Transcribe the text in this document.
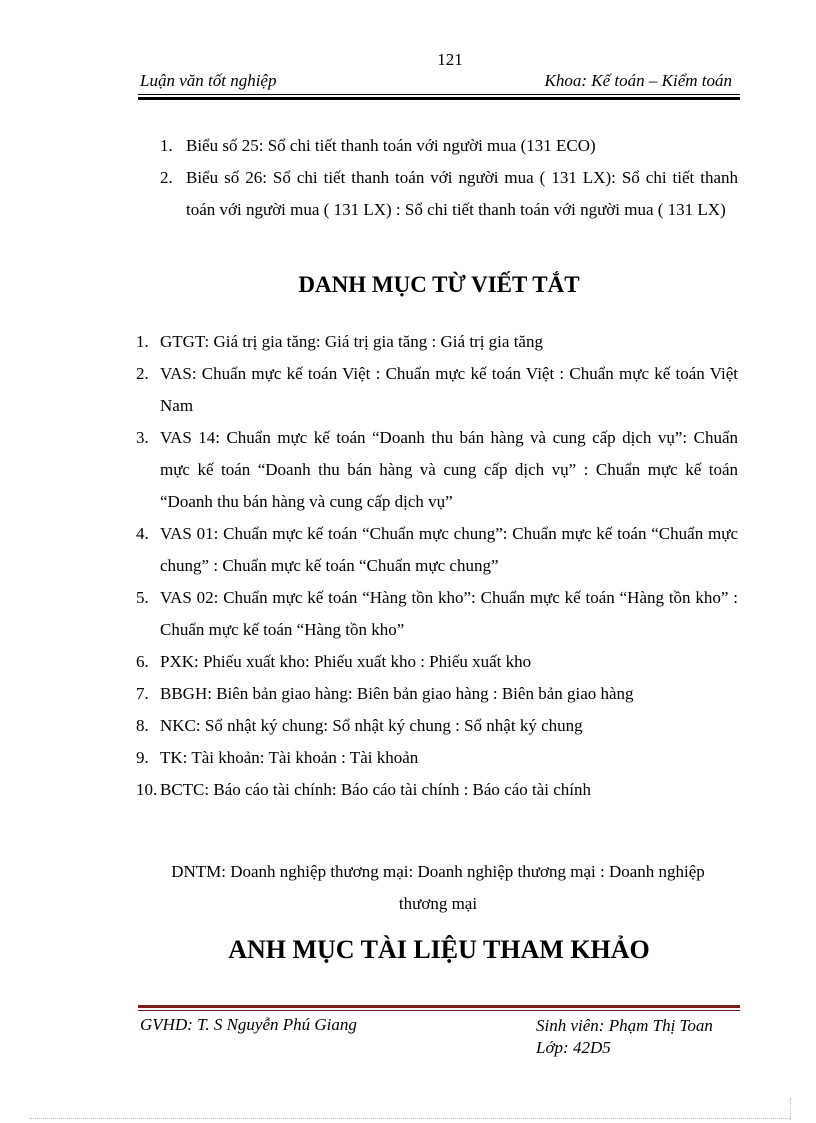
121
Luận văn tốt nghiệp	Khoa: Kế toán – Kiểm toán
1. Biểu số 25: Sổ chi tiết thanh toán với người mua (131 ECO)
2. Biểu số 26: Sổ chi tiết thanh toán với người mua ( 131 LX): Sổ chi tiết thanh toán với người mua ( 131 LX) : Sổ chi tiết thanh toán với người mua ( 131 LX)
DANH MỤC TỪ VIẾT TẮT
1. GTGT: Giá trị gia tăng: Giá trị gia tăng : Giá trị gia tăng
2. VAS: Chuẩn mực kế toán Việt : Chuẩn mực kế toán Việt : Chuẩn mực kế toán Việt Nam
3. VAS 14: Chuẩn mực kế toán “Doanh thu bán hàng và cung cấp dịch vụ”: Chuẩn mực kế toán “Doanh thu bán hàng và cung cấp dịch vụ” : Chuẩn mực kế toán “Doanh thu bán hàng và cung cấp dịch vụ”
4. VAS 01: Chuẩn mực kế toán “Chuẩn mực chung”: Chuẩn mực kế toán “Chuẩn mực chung” : Chuẩn mực kế toán “Chuẩn mực chung”
5. VAS 02: Chuẩn mực kế toán “Hàng tồn kho”: Chuẩn mực kế toán “Hàng tồn kho” : Chuẩn mực kế toán “Hàng tồn kho”
6. PXK: Phiếu xuất kho: Phiếu xuất kho : Phiếu xuất kho
7. BBGH: Biên bản giao hàng: Biên bản giao hàng : Biên bản giao hàng
8. NKC: Sổ nhật ký chung: Sổ nhật ký chung : Sổ nhật ký chung
9. TK: Tài khoản: Tài khoản : Tài khoản
10. BCTC: Báo cáo tài chính: Báo cáo tài chính : Báo cáo tài chính
DNTM: Doanh nghiệp thương mại: Doanh nghiệp thương mại : Doanh nghiệp thương mại
ANH MỤC TÀI LIỆU THAM KHẢO
GVHD: T. S Nguyễn Phú Giang	Sinh viên: Phạm Thị Toan
Lớp: 42D5
